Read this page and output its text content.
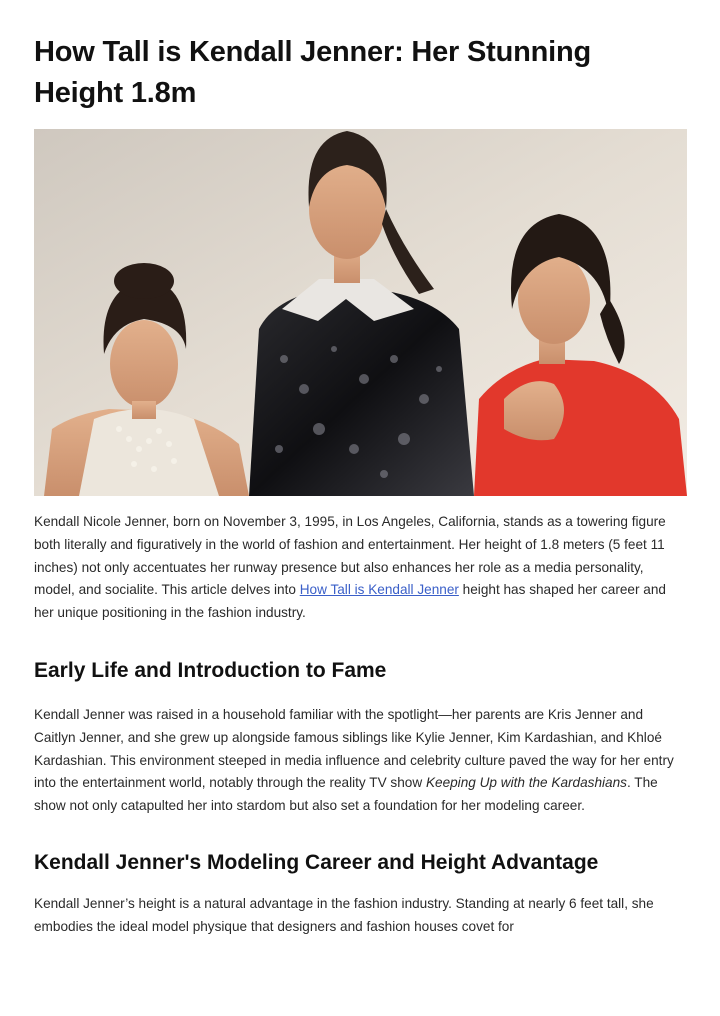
How Tall is Kendall Jenner: Her Stunning Height 1.8m

Kendall Nicole Jenner, born on November 3, 1995, in Los Angeles, California, stands as a towering figure both literally and figuratively in the world of fashion and entertainment. Her height of 1.8 meters (5 feet 11 inches) not only accentuates her runway presence but also enhances her role as a media personality, model, and socialite. This article delves into How Tall is Kendall Jenner height has shaped her career and her unique positioning in the fashion industry.

Early Life and Introduction to Fame

Kendall Jenner was raised in a household familiar with the spotlight—her parents are Kris Jenner and Caitlyn Jenner, and she grew up alongside famous siblings like Kylie Jenner, Kim Kardashian, and Khloé Kardashian. This environment steeped in media influence and celebrity culture paved the way for her entry into the entertainment world, notably through the reality TV show Keeping Up with the Kardashians. The show not only catapulted her into stardom but also set a foundation for her modeling career.

Kendall Jenner's Modeling Career and Height Advantage

Kendall Jenner’s height is a natural advantage in the fashion industry. Standing at nearly 6 feet tall, she embodies the ideal model physique that designers and fashion houses covet for
